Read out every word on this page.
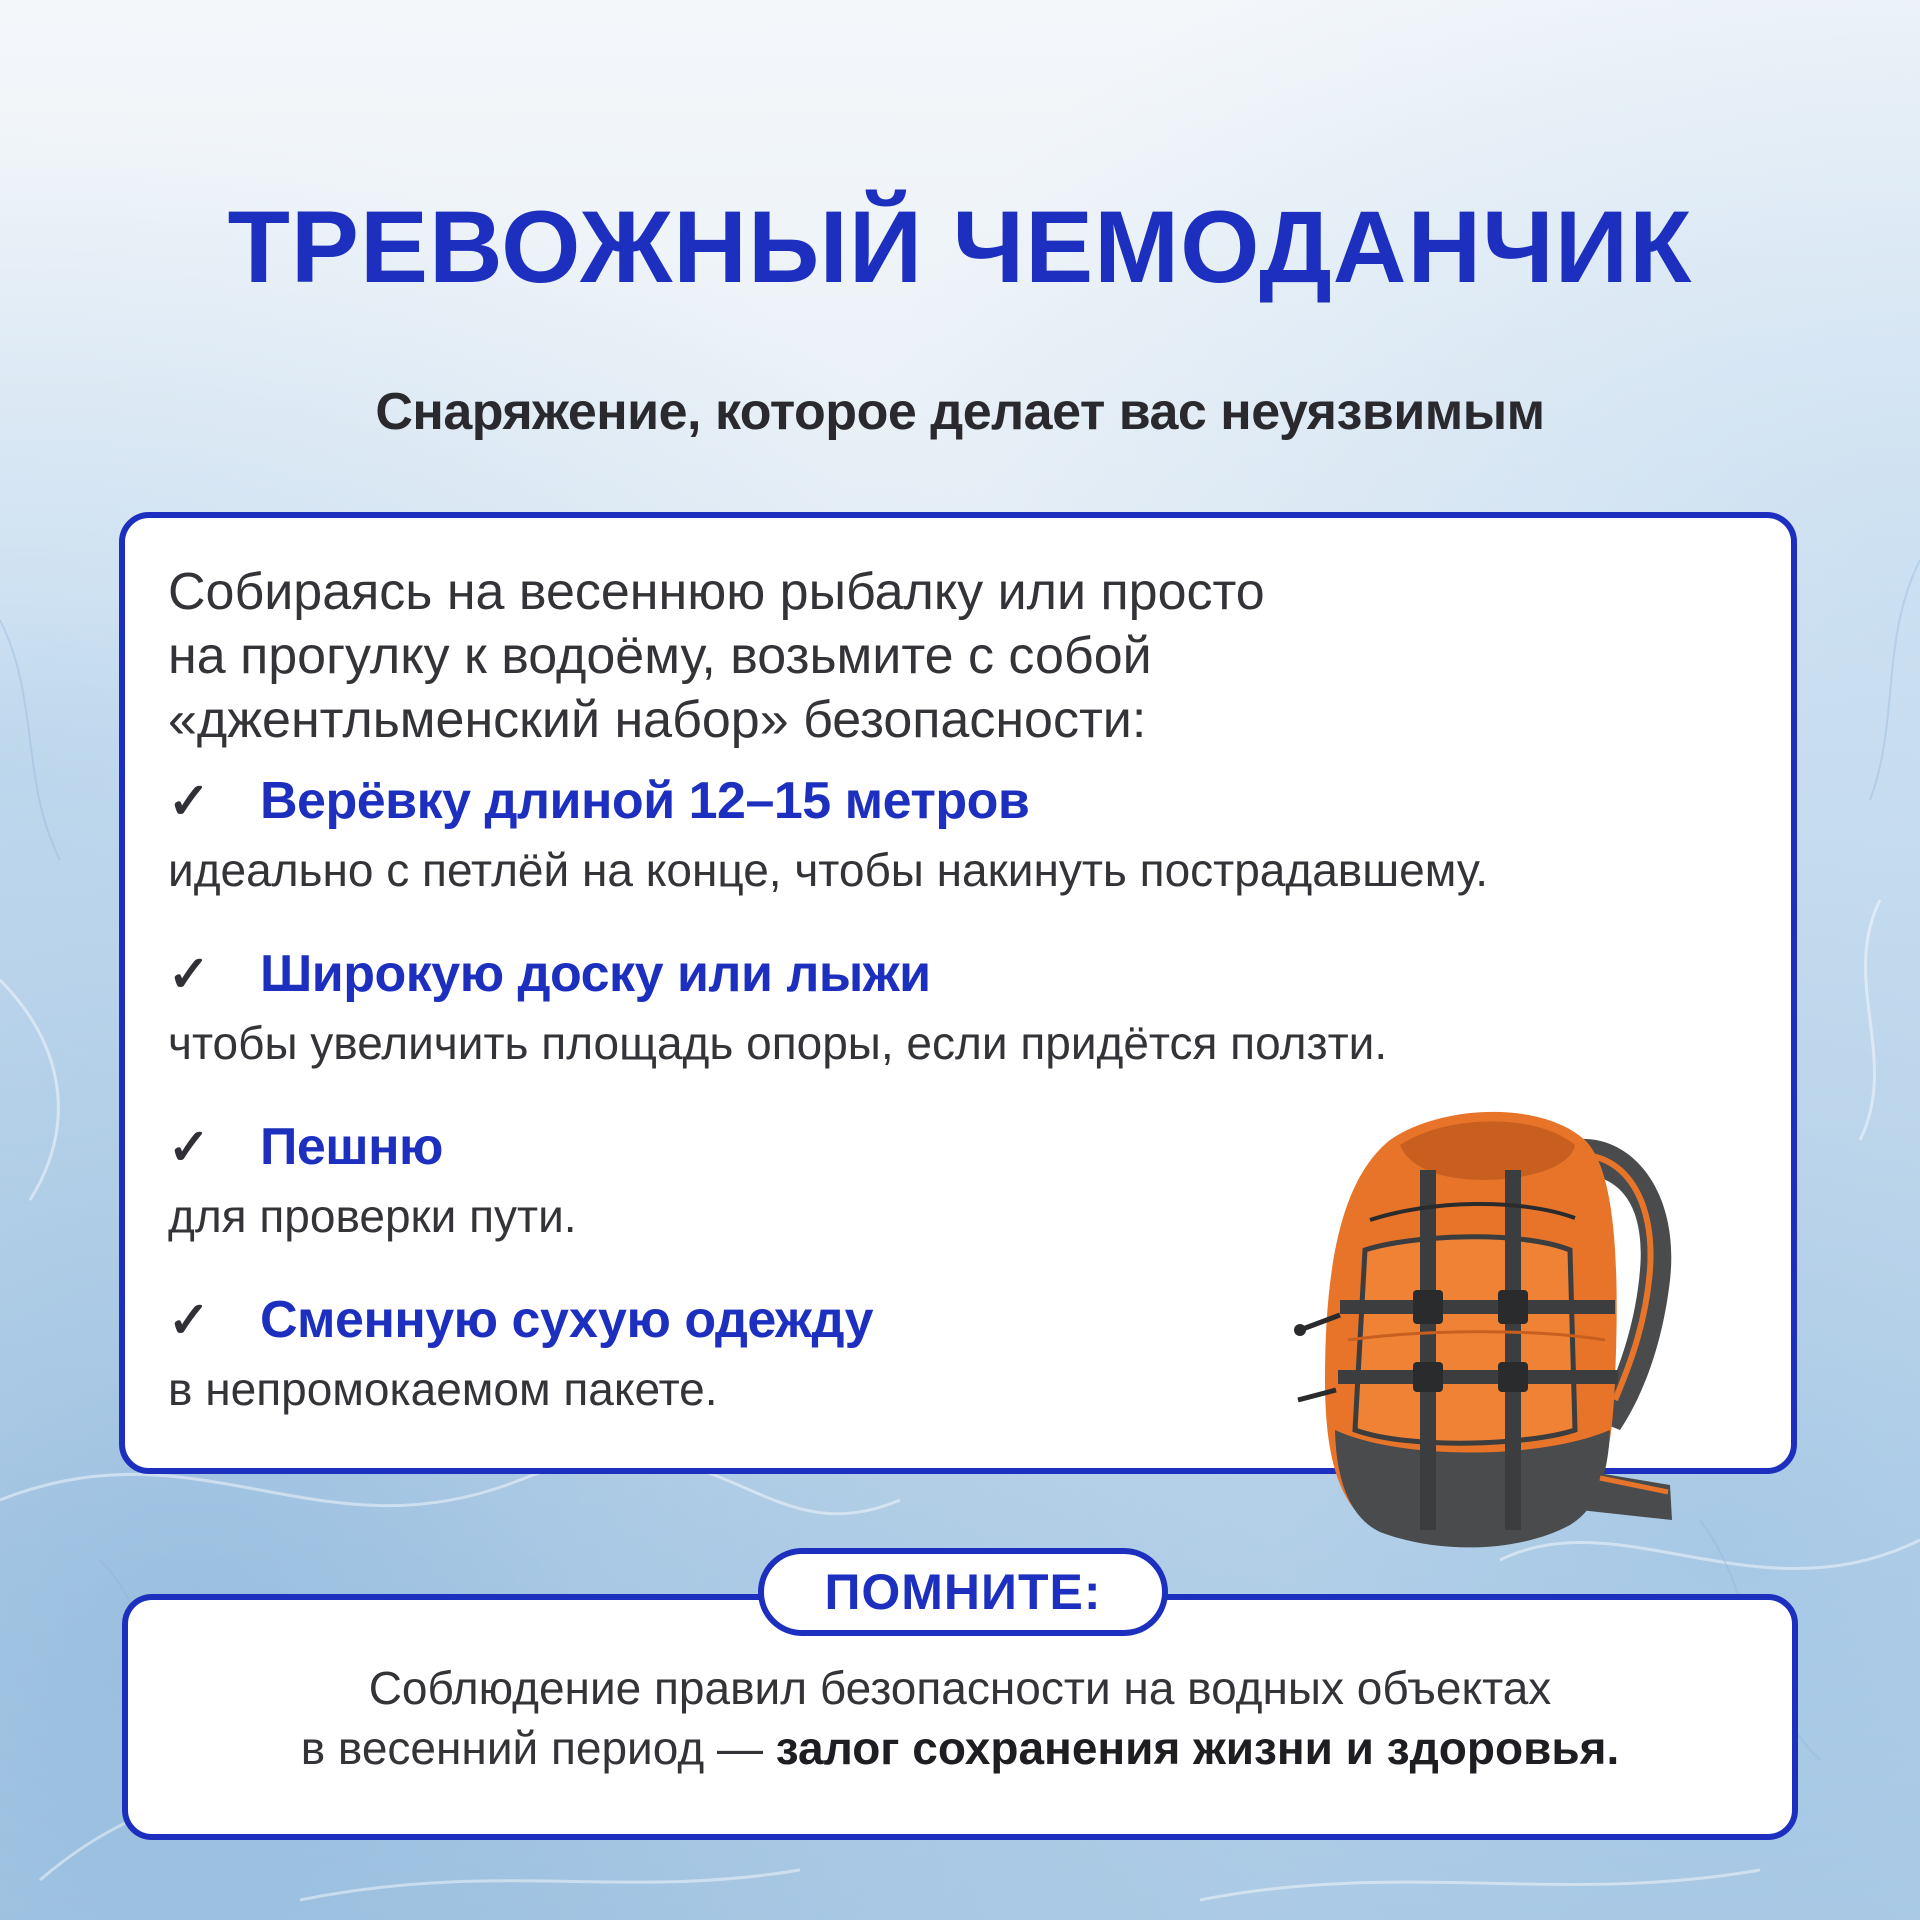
ТРЕВОЖНЫЙ ЧЕМОДАНЧИК
Снаряжение, которое делает вас неуязвимым

Собираясь на весеннюю рыбалку или просто
на прогулку к водоёму, возьмите с собой
«джентльменский набор» безопасности:

✓ Верёвку длиной 12–15 метров
идеально с петлёй на конце, чтобы накинуть пострадавшему.
✓ Широкую доску или лыжи
чтобы увеличить площадь опоры, если придётся ползти.
✓ Пешню
для проверки пути.
✓ Сменную сухую одежду
в непромокаемом пакете.

Соблюдение правил безопасности на водных объектах
в весенний период — залог сохранения жизни и здоровья.

ПОМНИТЕ:
